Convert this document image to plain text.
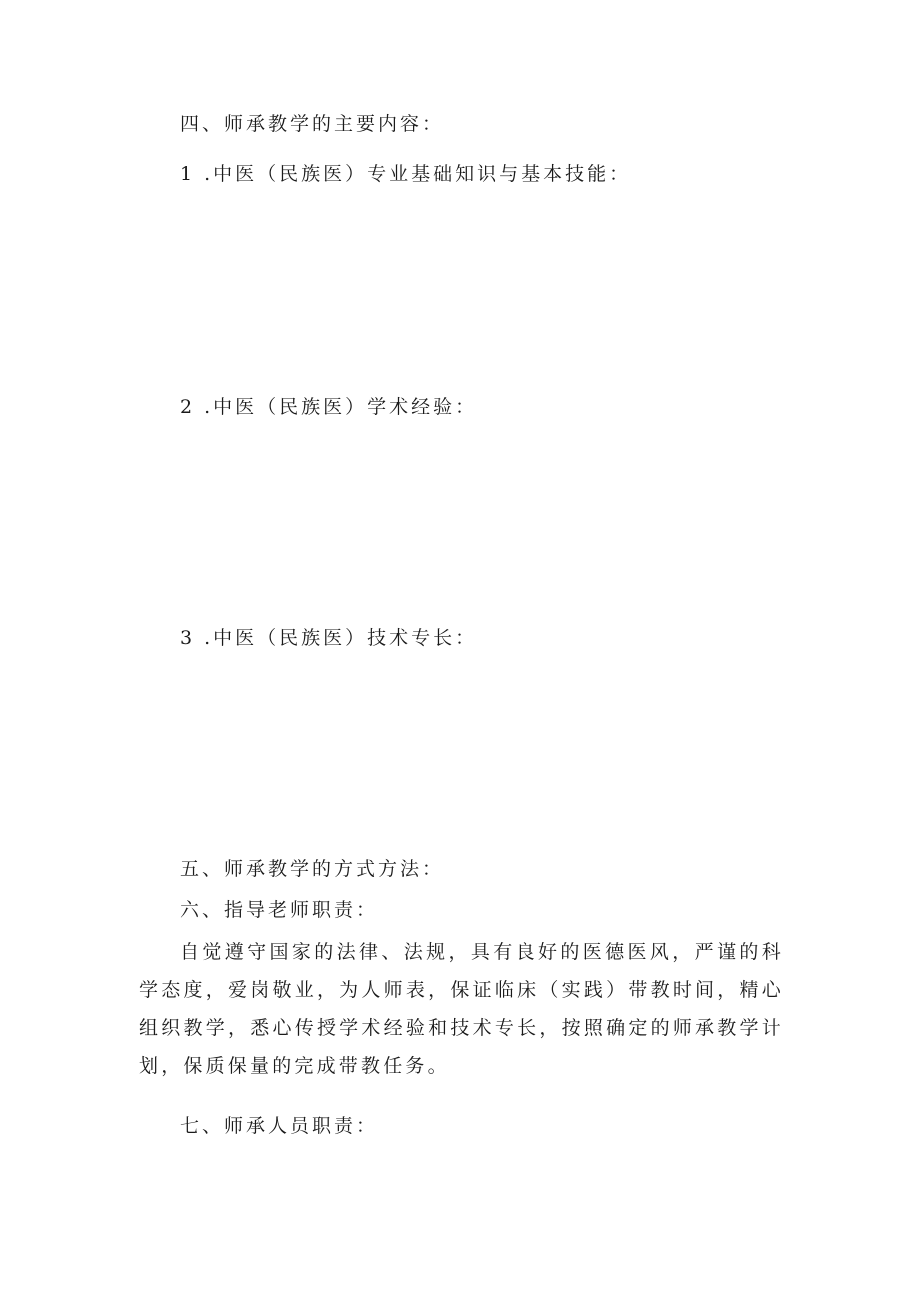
四、师承教学的主要内容：
1 .中医（民族医）专业基础知识与基本技能：
2 .中医（民族医）学术经验：
3 .中医（民族医）技术专长：
五、师承教学的方式方法：
六、指导老师职责：
自觉遵守国家的法律、法规，具有良好的医德医风，严谨的科学态度，爱岗敬业，为人师表，保证临床（实践）带教时间，精心组织教学，悉心传授学术经验和技术专长，按照确定的师承教学计划，保质保量的完成带教任务。
七、师承人员职责：
